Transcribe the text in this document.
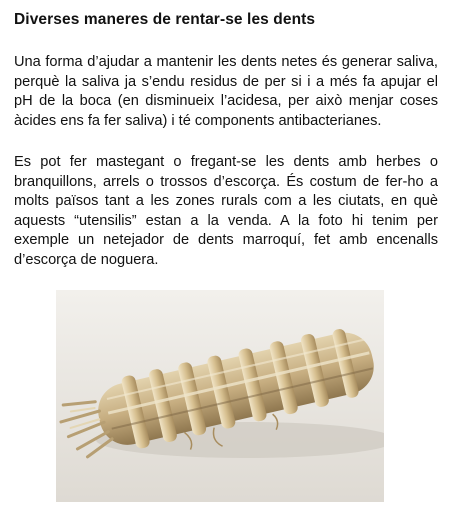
Diverses maneres de rentar-se les dents
Una forma d’ajudar a mantenir les dents netes és generar saliva, perquè la saliva ja s’endu residus de per si i a més fa apujar el pH de la boca (en disminueix l’acidesa, per això menjar coses àcides ens fa fer saliva) i té components antibacterianes.
Es pot fer mastegant o fregant-se les dents amb herbes o branquillons, arrels o trossos d’escorça. És costum de fer-ho a molts països tant a les zones rurals com a les ciutats, en què aquests “utensilis” estan a la venda. A la foto hi tenim per exemple un netejador de dents marroquí, fet amb encenalls d’escorça de noguera.
